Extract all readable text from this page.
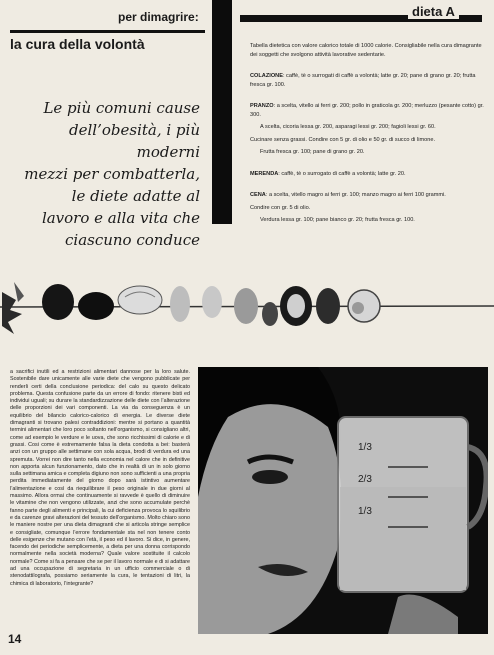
per dimagrire:
la cura della volontà
dieta A
Le più comuni cause
dell’obesità, i più moderni
mezzi per combatterla,
le diete adatte al
lavoro e alla vita che
ciascuno conduce

Tabella dietetica con valore calorico totale di 1000 calorie. Consigliabile nella cura dimagrante dei soggetti che svolgono attività lavorative sedentarie.

COLAZIONE: caffè, tè o surrogati di caffè a volontà; latte gr. 20; pane di grano gr. 20; frutta fresca gr. 100.

PRANZO: a scelta, vitello ai ferri gr. 200; pollo in graticola gr. 200; merluzzo (pesante cotto) gr. 300.

A scelta, cicoria lessa gr. 200, asparagi lessi gr. 200; fagioli lessi gr. 60.

Cucinare senza grassi. Condire con 5 gr. di olio e 50 gr. di succo di limone.

Frutta fresca gr. 100; pane di grano gr. 20.

MERENDA: caffè, tè o surrogato di caffè a volontà; latte gr. 20.

CENA: a scelta, vitello magro ai ferri gr. 100; manzo magro ai ferri 100 grammi.

Condire con gr. 5 di olio.

Verdura lessa gr. 100; pane bianco gr. 20; frutta fresca gr. 100.

a sacrifici inutili ed a restrizioni alimentari dannose per la loro salute. Sostenibile dare unicamente alle varie diete che vengono pubblicate per renderli certi della conclusione periodica: del calo su questo delicato problema. Questa confusione parte da un errore di fondo: ritenere bisti ed individui uguali; su durare la standardizzazione delle diete con l’alterazione delle proporzioni dei vari componenti. La via da conseguenza è un equilibrio del bilancio calorico-calorico di energia. Le diverse diete dimagranti si trovano palesi contraddizioni: mentre si portano a quantità termini alimentari che loro poco soltanto nell’organismo, si consigliano altri, come ad esempio le verdure e le uova, che sono ricchissimi di calorie e di grassi. Cosi come è estremamente falsa la dieta condotta a bei: basterà anzi con un gruppo alle settimane con sola acqua, brodi di verdura ed una spremuta. Vorrei non dire tanto nella economia nel calore che in definitive non apporta alcun funzionamento, dato che in realtà di un in solo giorno sulla settimana amica e completa digiuno non sono sufficienti a una propria perdita immediatamente del giorno dopo sarà istintivo aumentare l’alimentazione e così da riequilibrare il peso originale in due giorni al massimo. Allora ormai che continuamente si ravvede è quello di diminuire le vitamine che non vengono utilizzate, anzi che sono accumulate perchè fanno parte degli alimenti e principali, la cui deficienza provoca lo squilibrio e da carenze gravi alterazioni del tessuto dell’organismo. Molto chiaro sono le maniere nostre per una dieta dimagranti che si articola stringe semplice e consigliate, comunque l’errore fondamentale sta nel non tenere conto delle esigenze che mutano con l’età, il peso ed il lavoro. Si dice, in genere, facendo dei periodiche semplicemente, a dieta per una donna corrispondo normalmente nella società moderna? Quale valore sostituite il calcolo normale? Come si fa a pensare che se per il lavoro normale e di si adattare ad una occupazione di segretaria in un ufficio commerciale o di stenodattilografa, possiamo seriamente la cura, le tentazioni di litri, la chimica di laboratorio, l’integrante?

1/3
2/3
1/3
14
